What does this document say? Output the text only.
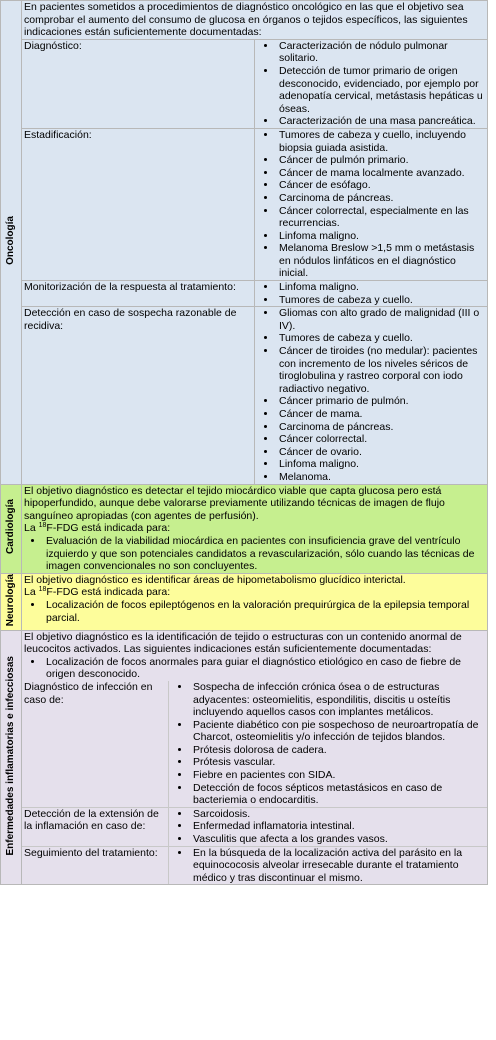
Oncología	En pacientes sometidos a procedimientos de diagnóstico oncológico en las que el objetivo sea comprobar el aumento del consumo de glucosa en órganos o tejidos específicos, las siguientes indicaciones están suficientemente documentadas:
Diagnóstico:	
•Caracterización de nódulo pulmonar solitario.
• Detección de tumor primario de origen desconocido, evidenciado, por ejemplo por adenopatía cervical, metástasis hepáticas u óseas.
• Caracterización de una masa pancreática.

Estadificación:	
•Tumores de cabeza y cuello, incluyendo biopsia guiada asistida.
• Cáncer de pulmón primario.
• Cáncer de mama localmente avanzado.
• Cáncer de esófago.
• Carcinoma de páncreas.
• Cáncer colorrectal, especialmente en las recurrencias.
• Linfoma maligno.
• Melanoma Breslow >1,5 mm o metástasis en nódulos linfáticos en el diagnóstico inicial.

Monitorización de la respuesta al tratamiento:	
•Linfoma maligno.
• Tumores de cabeza y cuello.

Detección en caso de sospecha razonable de recidiva:	
• Gliomas con alto grado de malignidad (III o IV).
• Tumores de cabeza y cuello.
• Cáncer de tiroides (no medular): pacientes con incremento de los niveles séricos de tiroglobulina y rastreo corporal con iodo radiactivo negativo.
• Cáncer primario de pulmón.
• Cáncer de mama.
• Carcinoma de páncreas.
• Cáncer colorrectal.
• Cáncer de ovario.
• Linfoma maligno.
• Melanoma.

Cardiología	

El objetivo diagnóstico es detectar el tejido miocárdico viable que capta glucosa pero está hipoperfundido, aunque debe valorarse previamente utilizando técnicas de imagen de flujo sanguíneo apropiadas (con agentes de perfusión).

La $^{18}$F-FDG está indicada para:

• Evaluación de la viabilidad miocárdica en pacientes con insuficiencia grave del ventrículo izquierdo y que son potenciales candidatos a revascularización, sólo cuando las técnicas de imagen convencionales no son concluyentes.

Neurología	El objetivo diagnóstico es identificar áreas de hipometabolismo glucídico interictal.

La $^{18}$F-FDG está indicada para:

• Localización de focos epileptógenos en la valoración prequirúrgica de la epilepsia temporal parcial.

Enfermedades inflamatorias e infecciosas	

El objetivo diagnóstico es la identificación de tejido o estructuras con un contenido anormal de leucocitos activados. Las siguientes indicaciones están suficientemente documentadas:

• Localización de focos anormales para guiar el diagnóstico etiológico en caso de fiebre de origen desconocido.
Diagnóstico de infección en caso de:	
• Sospecha de infección crónica ósea o de estructuras adyacentes: osteomielitis, espondilitis, discitis u osteítis incluyendo aquellos casos con implantes metálicos.
• Paciente diabético con pie sospechoso de neuroartropatía de Charcot, osteomielitis y/o infección de tejidos blandos.
• Prótesis dolorosa de cadera.
• Prótesis vascular.
• Fiebre en pacientes con SIDA.
• Detección de focos sépticos metastásicos en caso de bacteriemia o endocarditis.

Detección de la extensión de la inflamación en caso de:	
• Sarcoidosis.
• Enfermedad inflamatoria intestinal.
• Vasculitis que afecta a los grandes vasos.

Seguimiento del tratamiento:	
•En la búsqueda de la localización activa del parásito en la equinococosis alveolar irresecable durante el tratamiento médico y tras discontinuar el mismo.
